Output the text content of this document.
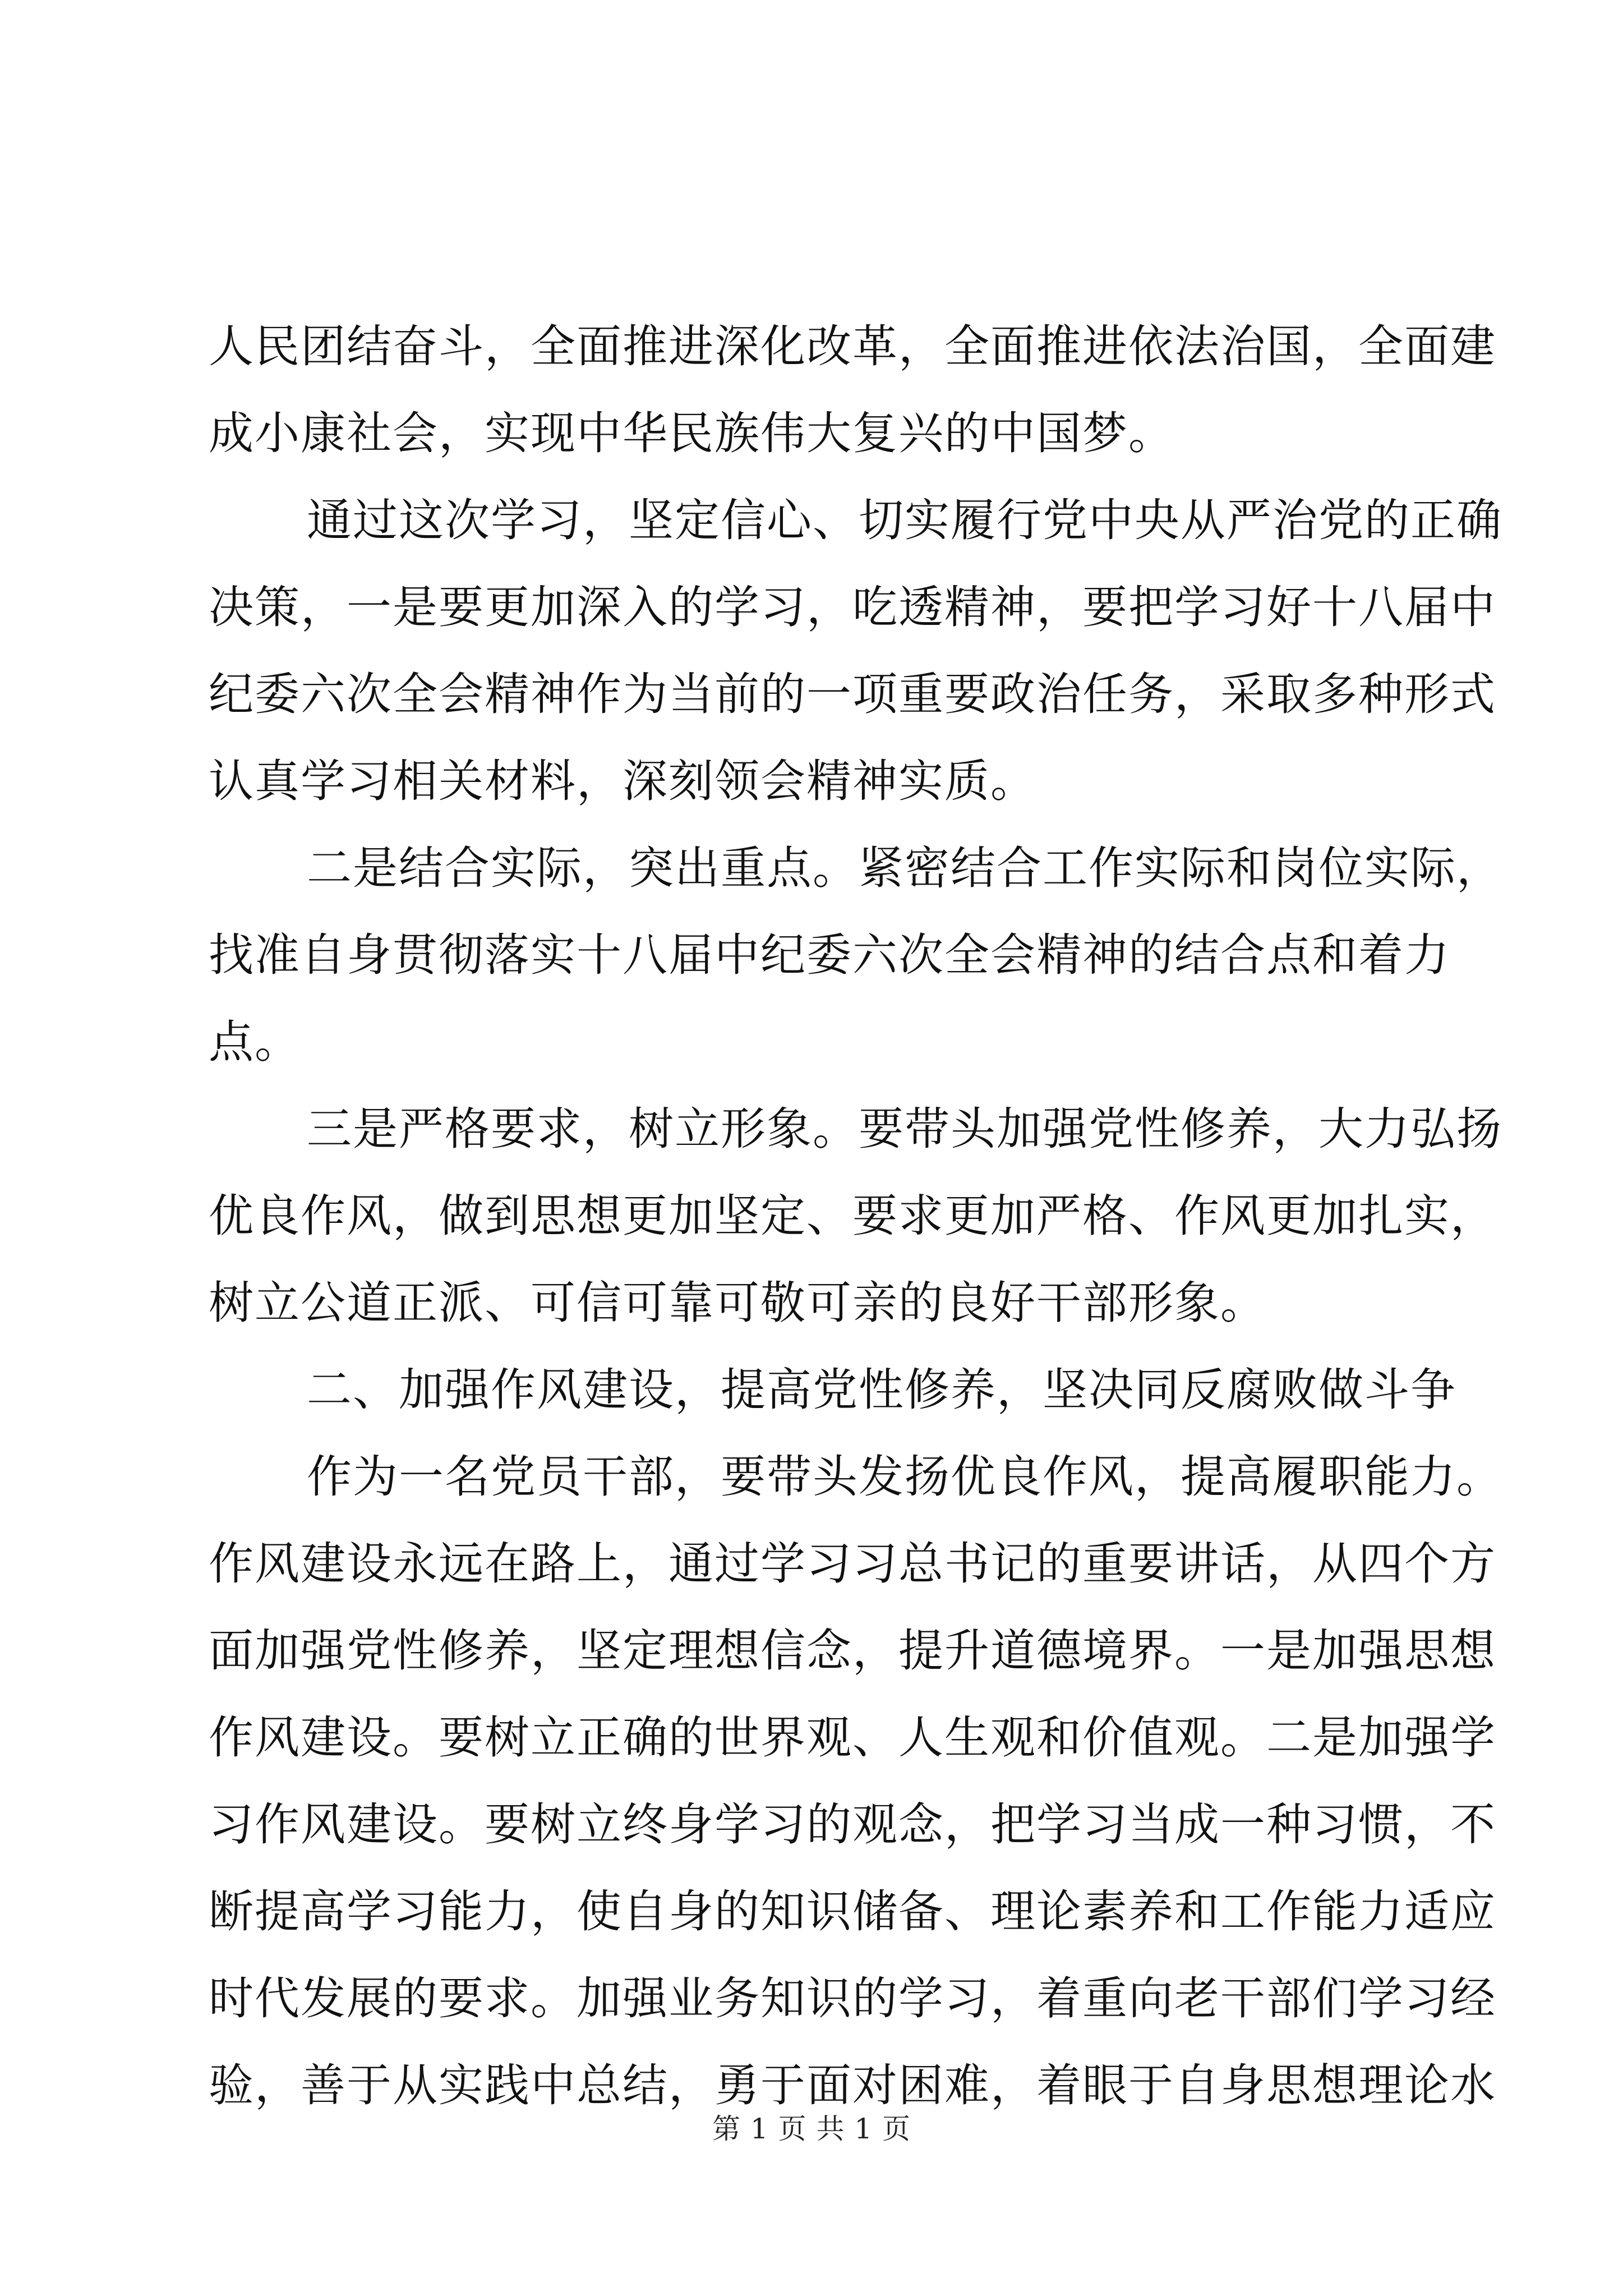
人民团结奋斗，全面推进深化改革，全面推进依法治国，全面建
成小康社会，实现中华民族伟大复兴的中国梦。
通过这次学习，坚定信心、切实履行党中央从严治党的正确
决策，一是要更加深入的学习，吃透精神，要把学习好十八届中
纪委六次全会精神作为当前的一项重要政治任务，采取多种形式
认真学习相关材料，深刻领会精神实质。
二是结合实际，突出重点。紧密结合工作实际和岗位实际，
找准自身贯彻落实十八届中纪委六次全会精神的结合点和着力
点。
三是严格要求，树立形象。要带头加强党性修养，大力弘扬
优良作风，做到思想更加坚定、要求更加严格、作风更加扎实，
树立公道正派、可信可靠可敬可亲的良好干部形象。
二、加强作风建设，提高党性修养，坚决同反腐败做斗争
作为一名党员干部，要带头发扬优良作风，提高履职能力。
作风建设永远在路上，通过学习习总书记的重要讲话，从四个方
面加强党性修养，坚定理想信念，提升道德境界。一是加强思想
作风建设。要树立正确的世界观、人生观和价值观。二是加强学
习作风建设。要树立终身学习的观念，把学习当成一种习惯，不
断提高学习能力，使自身的知识储备、理论素养和工作能力适应
时代发展的要求。加强业务知识的学习，着重向老干部们学习经
验，善于从实践中总结，勇于面对困难，着眼于自身思想理论水
第 1 页 共 1 页
